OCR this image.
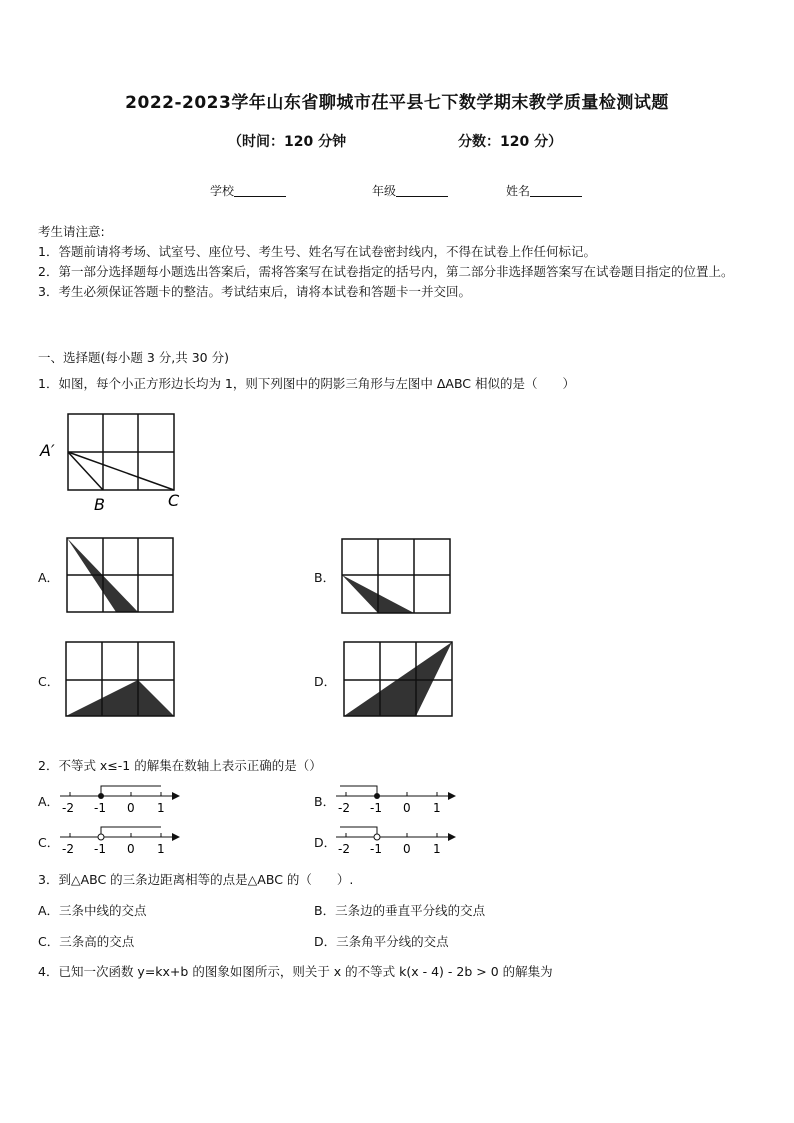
2022-2023学年山东省聊城市茌平县七下数学期末教学质量检测试题
（时间：120 分钟	分数：120 分）
学校	年级	姓名
考生请注意:
1．答题前请将考场、试室号、座位号、考生号、姓名写在试卷密封线内，不得在试卷上作任何标记。
2．第一部分选择题每小题选出答案后，需将答案写在试卷指定的括号内，第二部分非选择题答案写在试卷题目指定的位置上。
3．考生必须保证答题卡的整洁。考试结束后，请将本试卷和答题卡一并交回。
一、选择题(每小题 3 分,共 30 分)
1．如图，每个小正方形边长均为 1，则下列图中的阴影三角形与左图中 ΔABC 相似的是（　　）
A′
B	C
A．	B．
C．	D．
2．不等式 x≤-1 的解集在数轴上表示正确的是（）
A． -2 -1 0 1	B． -2 -1 0 1
C． -2 -1 0 1	D． -2 -1 0 1
3．到△ABC 的三条边距离相等的点是△ABC 的（　　）.
A．三条中线的交点	B．三条边的垂直平分线的交点
C．三条高的交点	D．三条角平分线的交点
4．已知一次函数 y=kx+b 的图象如图所示，则关于 x 的不等式 k(x - 4) - 2b > 0 的解集为
